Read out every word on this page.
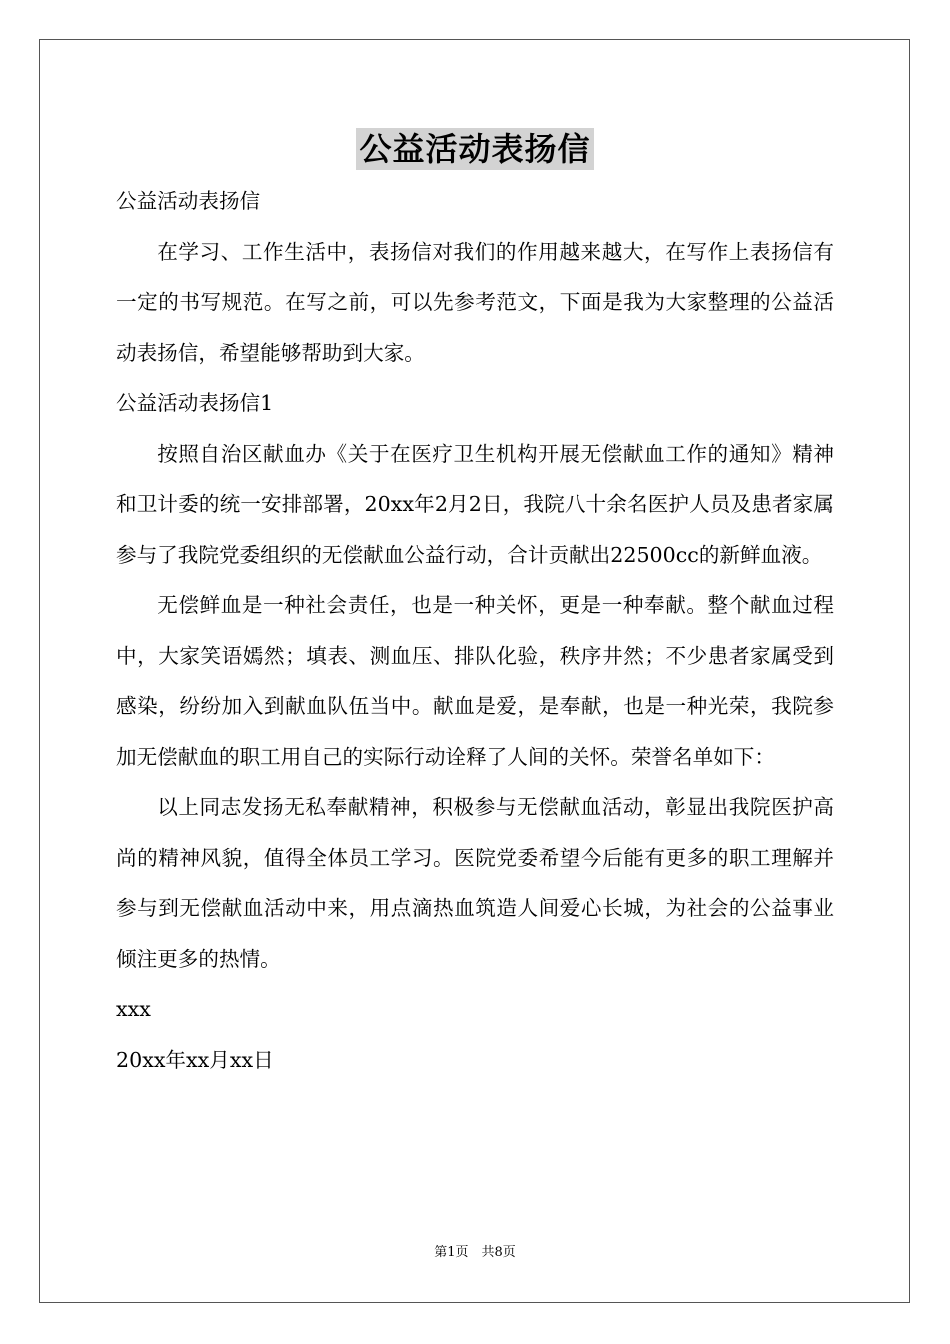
公益活动表扬信

公益活动表扬信

在学习、工作生活中，表扬信对我们的作用越来越大，在写作上表扬信有一定的书写规范。在写之前，可以先参考范文，下面是我为大家整理的公益活动表扬信，希望能够帮助到大家。

公益活动表扬信1

按照自治区献血办《关于在医疗卫生机构开展无偿献血工作的通知》精神和卫计委的统一安排部署，20xx年2月2日，我院八十余名医护人员及患者家属参与了我院党委组织的无偿献血公益行动，合计贡献出22500cc的新鲜血液。

无偿鲜血是一种社会责任，也是一种关怀，更是一种奉献。整个献血过程中，大家笑语嫣然；填表、测血压、排队化验，秩序井然；不少患者家属受到感染，纷纷加入到献血队伍当中。献血是爱，是奉献，也是一种光荣，我院参加无偿献血的职工用自己的实际行动诠释了人间的关怀。荣誉名单如下：

以上同志发扬无私奉献精神，积极参与无偿献血活动，彰显出我院医护高尚的精神风貌，值得全体员工学习。医院党委希望今后能有更多的职工理解并参与到无偿献血活动中来，用点滴热血筑造人间爱心长城，为社会的公益事业倾注更多的热情。

xxx

20xx年xx月xx日

第1页　共8页
